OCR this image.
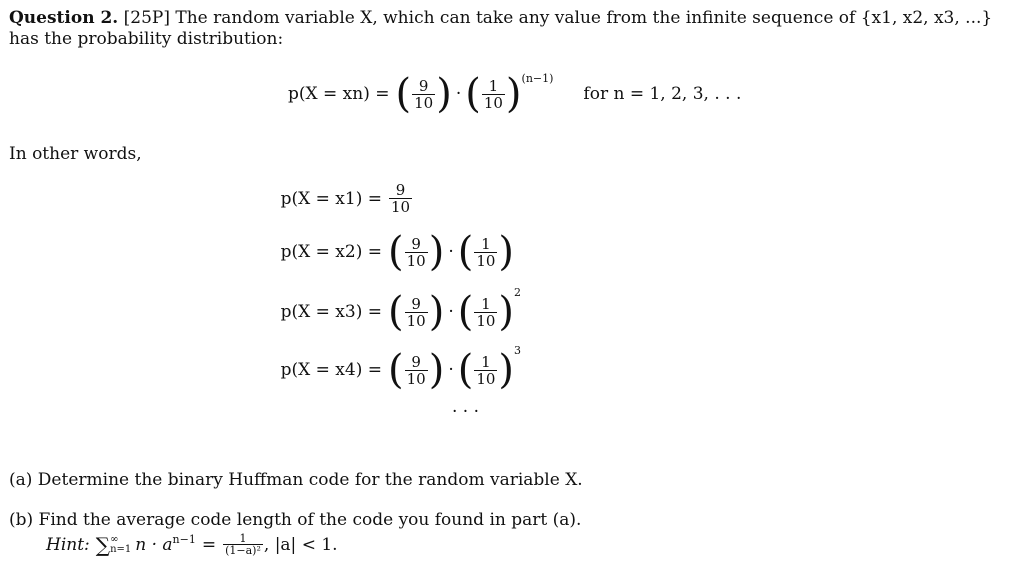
Question 2. [25P] The random variable X, which can take any value from the infinite sequence of {x1, x2, x3, ...}
has the probability distribution:
p(X = xn) = ( $\frac{9}{10}$ ) · ( $\frac{1}{10}$ ) (n−1)
for n = 1, 2, 3, . . .
In other words,
$p(X = x1) = \frac{9}{10}$
p(X = x2) = ( $\frac{9}{10}$ ) · ( $\frac{1}{10}$ )
p(X = x3) = ( $\frac{9}{10}$ ) · ( $\frac{1}{10}$ ) 2
p(X = x4) = ( $\frac{9}{10}$ ) · ( $\frac{1}{10}$ ) 3
· · ·
(a) Determine the binary Huffman code for the random variable X.
(b) Find the average code length of the code you found in part (a).
Hint: ∑ ∞
n=1 n · a $n-1 = \frac{1}{\text{(1−a)²}}$ , |a| < 1.
